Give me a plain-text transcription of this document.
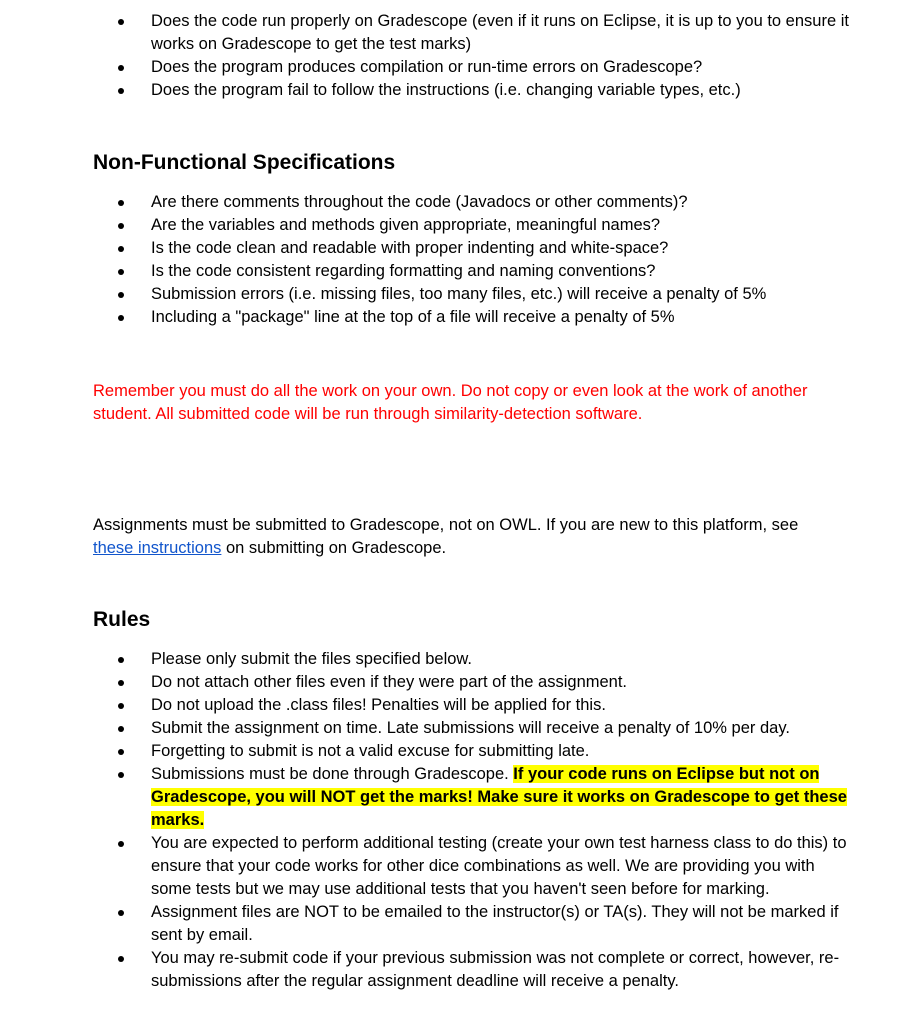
Does the code run properly on Gradescope (even if it runs on Eclipse, it is up to you to ensure it works on Gradescope to get the test marks)
Does the program produces compilation or run-time errors on Gradescope?
Does the program fail to follow the instructions (i.e. changing variable types, etc.)
Non-Functional Specifications
Are there comments throughout the code (Javadocs or other comments)?
Are the variables and methods given appropriate, meaningful names?
Is the code clean and readable with proper indenting and white-space?
Is the code consistent regarding formatting and naming conventions?
Submission errors (i.e. missing files, too many files, etc.) will receive a penalty of 5%
Including a "package" line at the top of a file will receive a penalty of 5%

Remember you must do all the work on your own. Do not copy or even look at the work of another student. All submitted code will be run through similarity-detection software.

Assignments must be submitted to Gradescope, not on OWL. If you are new to this platform, see these instructions on submitting on Gradescope.

Rules
Please only submit the files specified below.
Do not attach other files even if they were part of the assignment.
Do not upload the .class files! Penalties will be applied for this.
Submit the assignment on time. Late submissions will receive a penalty of 10% per day.
Forgetting to submit is not a valid excuse for submitting late.
Submissions must be done through Gradescope. If your code runs on Eclipse but not on Gradescope, you will NOT get the marks! Make sure it works on Gradescope to get these marks.
You are expected to perform additional testing (create your own test harness class to do this) to ensure that your code works for other dice combinations as well. We are providing you with some tests but we may use additional tests that you haven't seen before for marking.
Assignment files are NOT to be emailed to the instructor(s) or TA(s). They will not be marked if sent by email.
You may re-submit code if your previous submission was not complete or correct, however, re-submissions after the regular assignment deadline will receive a penalty.
